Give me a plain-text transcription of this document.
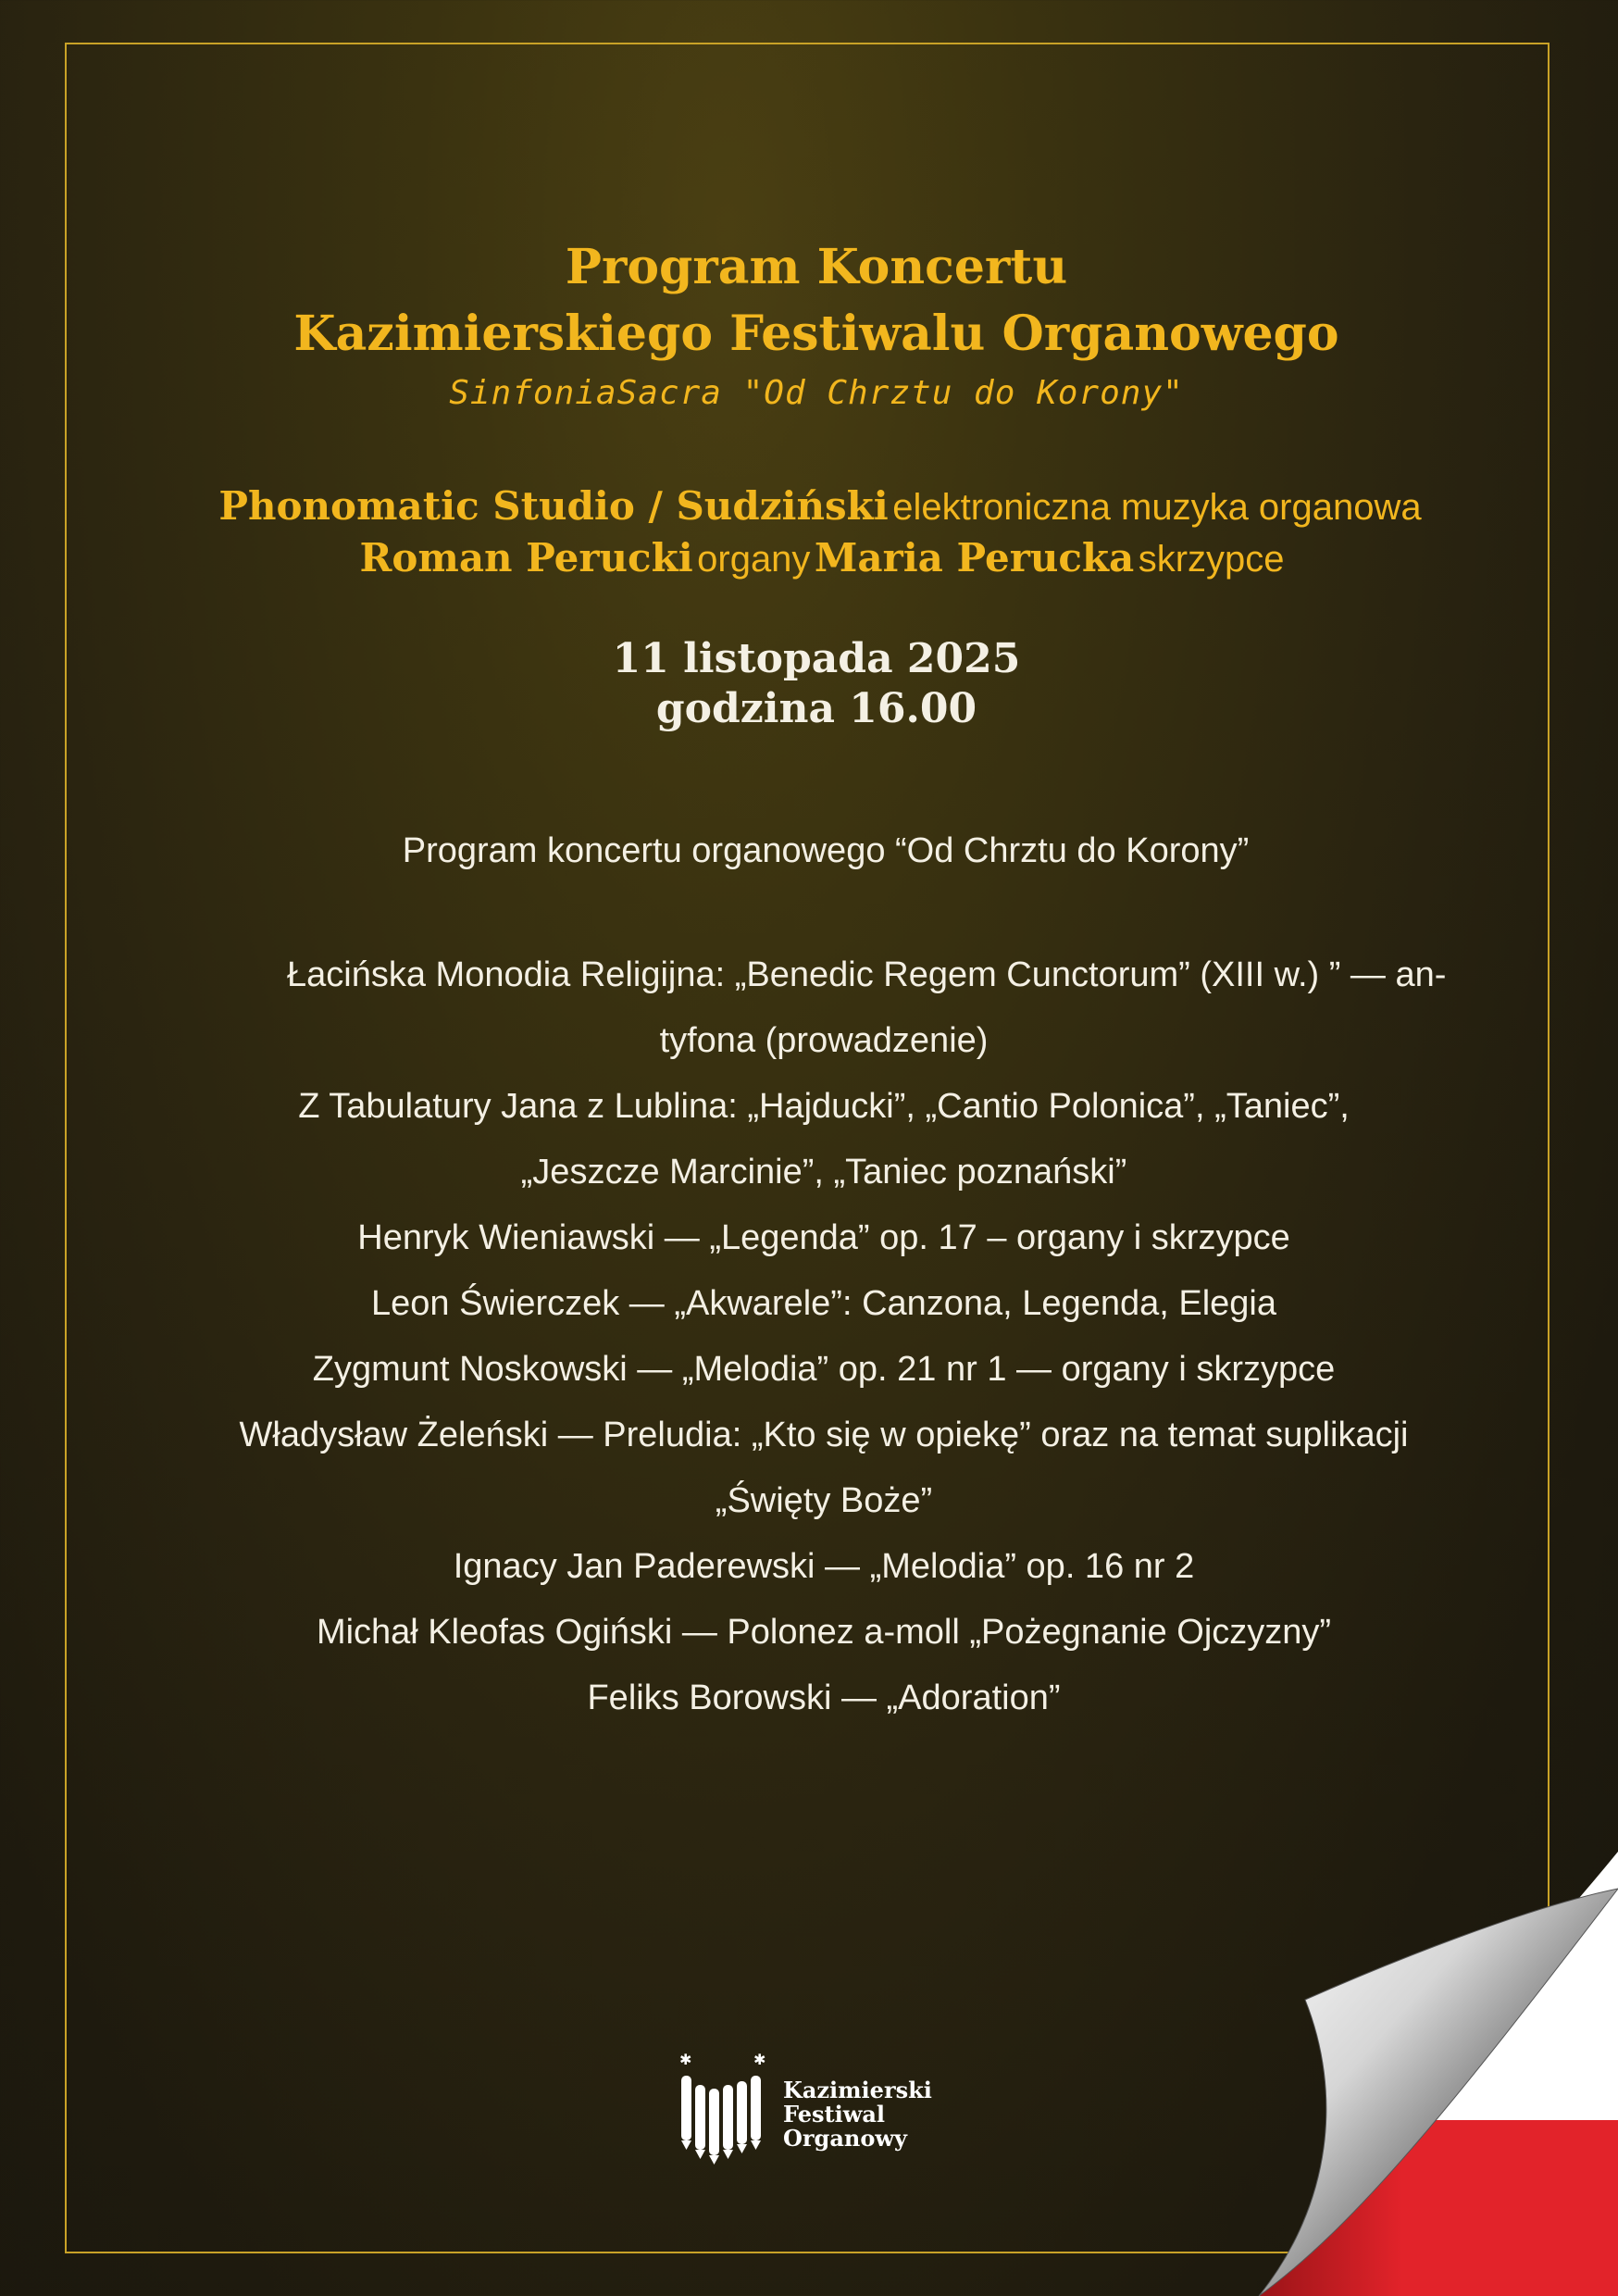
Program Koncertu
Kazimierskiego Festiwalu Organowego
SinfoniaSacra "Od Chrztu do Korony"
Phonomatic Studio / Sudziński elektroniczna muzyka organowa
Roman Perucki organy Maria Perucka skrzypce
11 listopada 2025
godzina 16.00
Program koncertu organowego “Od Chrztu do Korony”
Łacińska Monodia Religijna: „Benedic Regem Cunctorum” (XIII w.) ” — an-
tyfona (prowadzenie)
Z Tabulatury Jana z Lublina: „Hajducki”, „Cantio Polonica”, „Taniec”,
„Jeszcze Marcinie”, „Taniec poznański”
Henryk Wieniawski — „Legenda” op. 17 – organy i skrzypce
Leon Świerczek — „Akwarele”: Canzona, Legenda, Elegia
Zygmunt Noskowski — „Melodia” op. 21 nr 1 — organy i skrzypce
Władysław Żeleński — Preludia: „Kto się w opiekę” oraz na temat suplikacji
„Święty Boże”
Ignacy Jan Paderewski — „Melodia” op. 16 nr 2
Michał Kleofas Ogiński — Polonez a-moll „Pożegnanie Ojczyzny”
Feliks Borowski — „Adoration”
✱	✱
Kazimierski
Festiwal
Organowy
